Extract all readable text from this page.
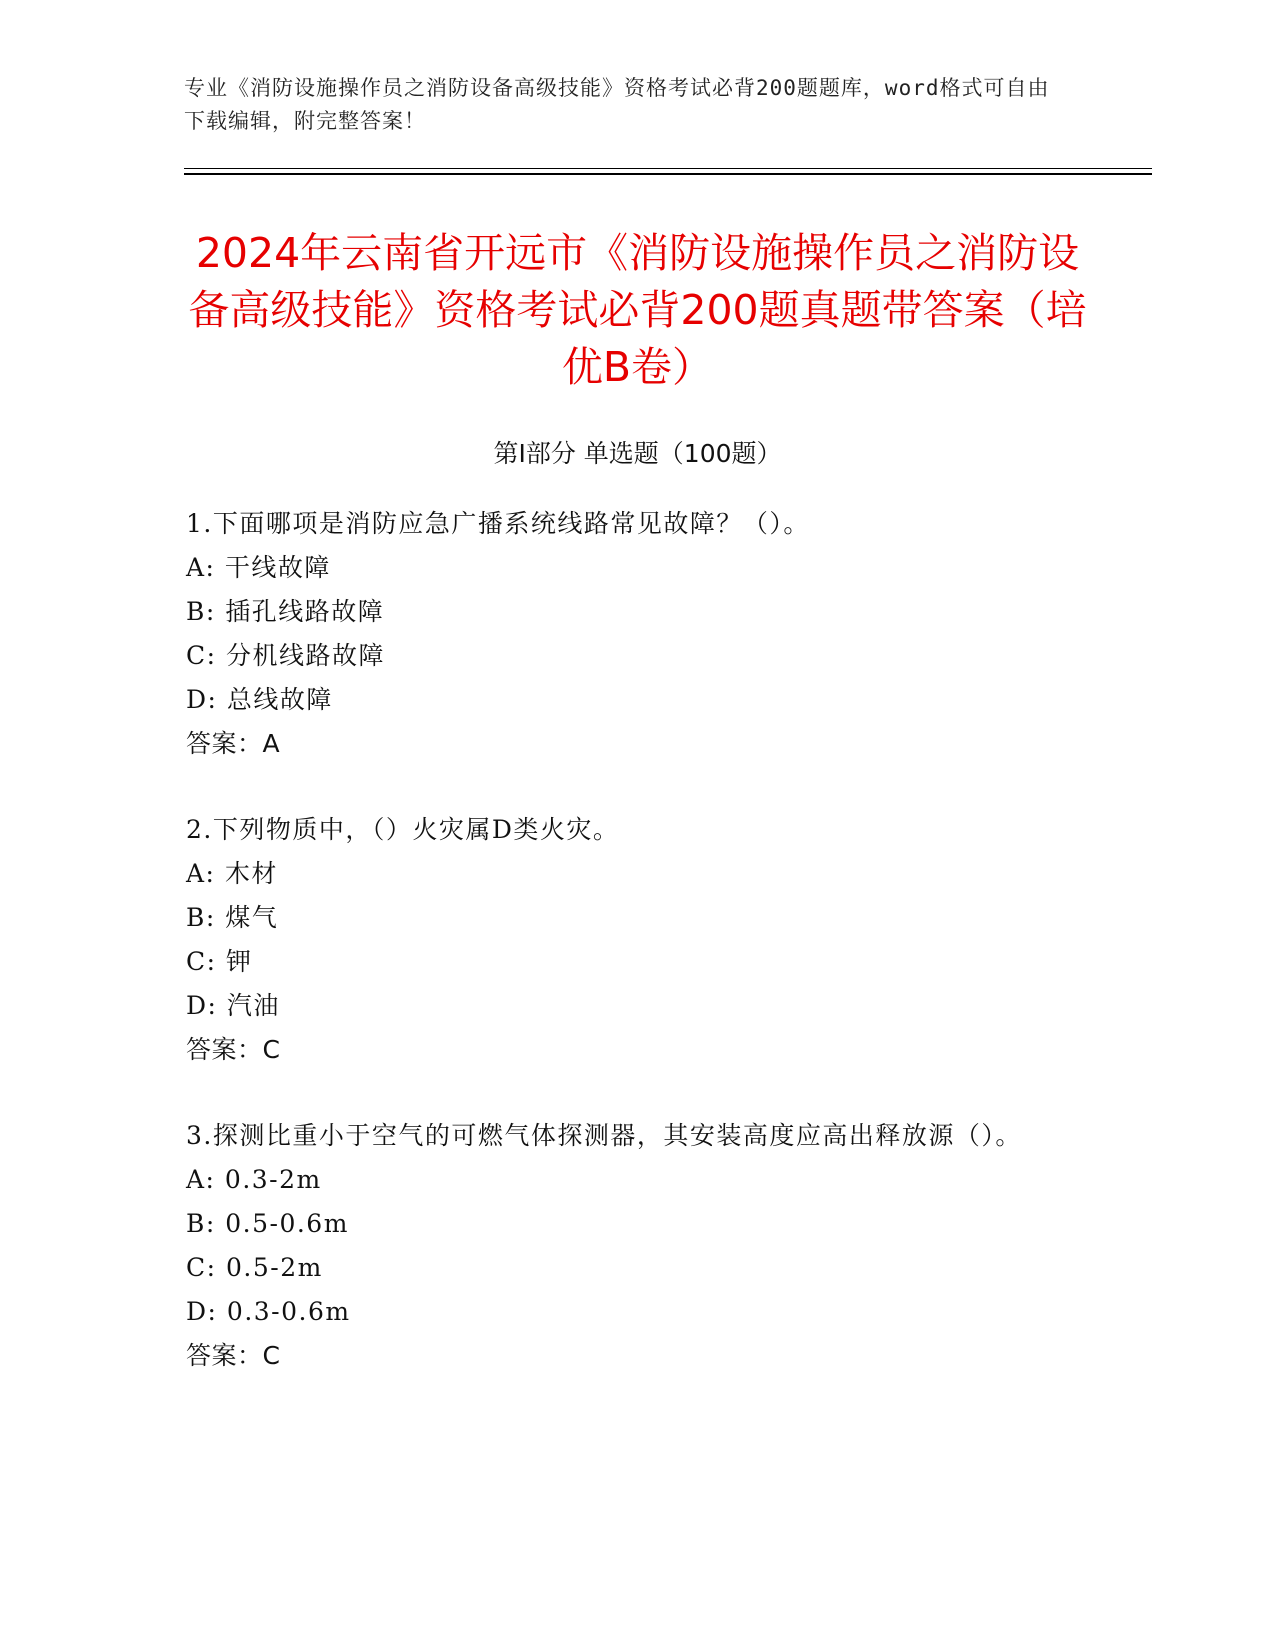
专业《消防设施操作员之消防设备高级技能》资格考试必背200题题库，word格式可自由下载编辑，附完整答案！
2024年云南省开远市《消防设施操作员之消防设备高级技能》资格考试必背200题真题带答案（培优B卷）
第I部分 单选题（100题）
1.下面哪项是消防应急广播系统线路常见故障？（）。
A: 干线故障
B: 插孔线路故障
C: 分机线路故障
D: 总线故障
答案：A
2.下列物质中，（）火灾属D类火灾。
A: 木材
B: 煤气
C: 钾
D: 汽油
答案：C
3.探测比重小于空气的可燃气体探测器，其安装高度应高出释放源（）。
A: 0.3-2m
B: 0.5-0.6m
C: 0.5-2m
D: 0.3-0.6m
答案：C
